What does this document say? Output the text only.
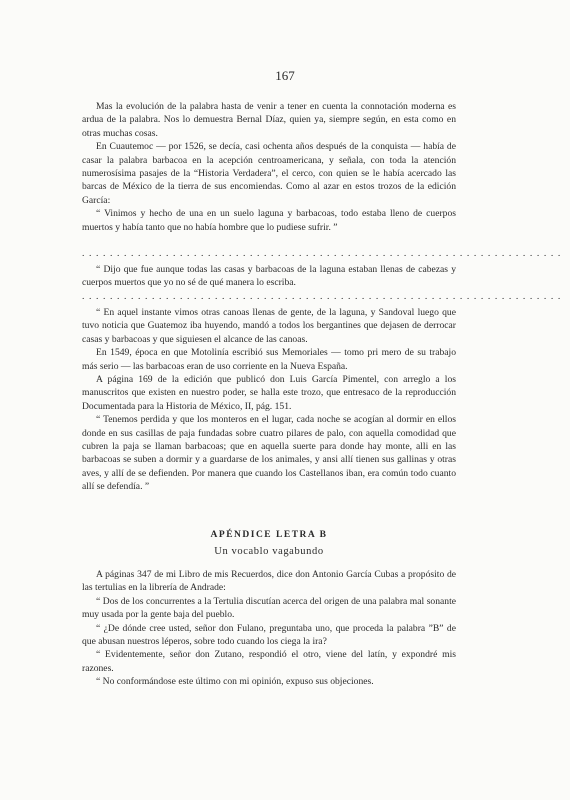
167

Mas la evolución de la palabra hasta de venir a tener en cuenta la connotación moderna es ardua de la palabra. Nos lo demuestra Bernal Díaz, quien ya, siempre según, en esta como en otras muchas cosas.

En Cuautemoc — por 1526, se decía, casi ochenta años después de la conquista — había de casar la palabra barbacoa en la acepción centroamericana, y señala, con toda la atención numerosísima pasajes de la “Historia Verdadera”, el cerco, con quien se le había acercado las barcas de México de la tierra de sus encomiendas. Como al azar en estos trozos de la edición García:

“ Vinimos y hecho de una en un suelo laguna y barbacoas, todo estaba lleno de cuerpos muertos y había tanto que no había hombre que lo pudiese sufrir. ”

.....................................................................

“ Dijo que fue aunque todas las casas y barbacoas de la laguna estaban llenas de cabezas y cuerpos muertos que yo no sé de qué manera lo escriba.

.....................................................................

“ En aquel instante vimos otras canoas llenas de gente, de la laguna, y Sandoval luego que tuvo noticia que Guatemoz iba huyendo, mandó a todos los bergantines que dejasen de derrocar casas y barbacoas y que siguiesen el alcance de las canoas.

En 1549, época en que Motolinía escribió sus Memoriales — tomo pri mero de su trabajo más serio — las barbacoas eran de uso corriente en la Nueva España.

A página 169 de la edición que publicó don Luis García Pimentel, con arreglo a los manuscritos que existen en nuestro poder, se halla este trozo, que entresaco de la reproducción Documentada para la Historia de México, II, pág. 151.

“ Tenemos perdida y que los monteros en el lugar, cada noche se acogían al dormir en ellos donde en sus casillas de paja fundadas sobre cuatro pilares de palo, con aquella comodidad que cubren la paja se llaman barbacoas; que en aquella suerte para donde hay monte, alli en las barbacoas se suben a dormir y a guardarse de los animales, y ansi allí tienen sus gallinas y otras aves, y allí de se defienden. Por manera que cuando los Castellanos iban, era común todo cuanto allí se defendía. ”

APÉNDICE LETRA B

Un vocablo vagabundo

A páginas 347 de mi Libro de mis Recuerdos, dice don Antonio García Cubas a propósito de las tertulias en la librería de Andrade:

“ Dos de los concurrentes a la Tertulia discutían acerca del origen de una palabra mal sonante muy usada por la gente baja del pueblo.

“ ¿De dónde cree usted, señor don Fulano, preguntaba uno, que proceda la palabra ”B” de que abusan nuestros léperos, sobre todo cuando los ciega la ira?

“ Evidentemente, señor don Zutano, respondió el otro, viene del latín, y expondré mis razones.

“ No conformándose este último con mi opinión, expuso sus objeciones.
